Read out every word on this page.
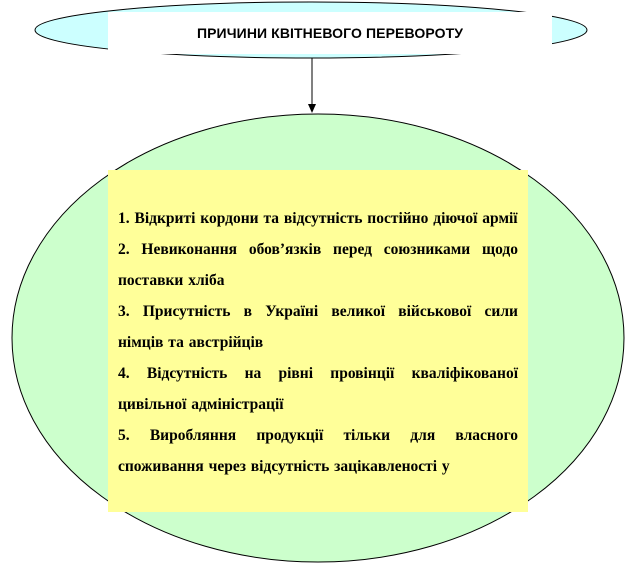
ПРИЧИНИ КВІТНЕВОГО ПЕРЕВОРОТУ

1. Відкриті кордони та відсутність постійно діючої армії

2. Невиконання обов’язків перед союзниками щодо поставки хліба

3. Присутність в Україні великої військової сили німців та австрійців

4. Відсутність на рівні провінції кваліфікованої цивільної адміністрації

5. Виробляння продукції тільки для власного споживання через відсутність зацікавленості у
